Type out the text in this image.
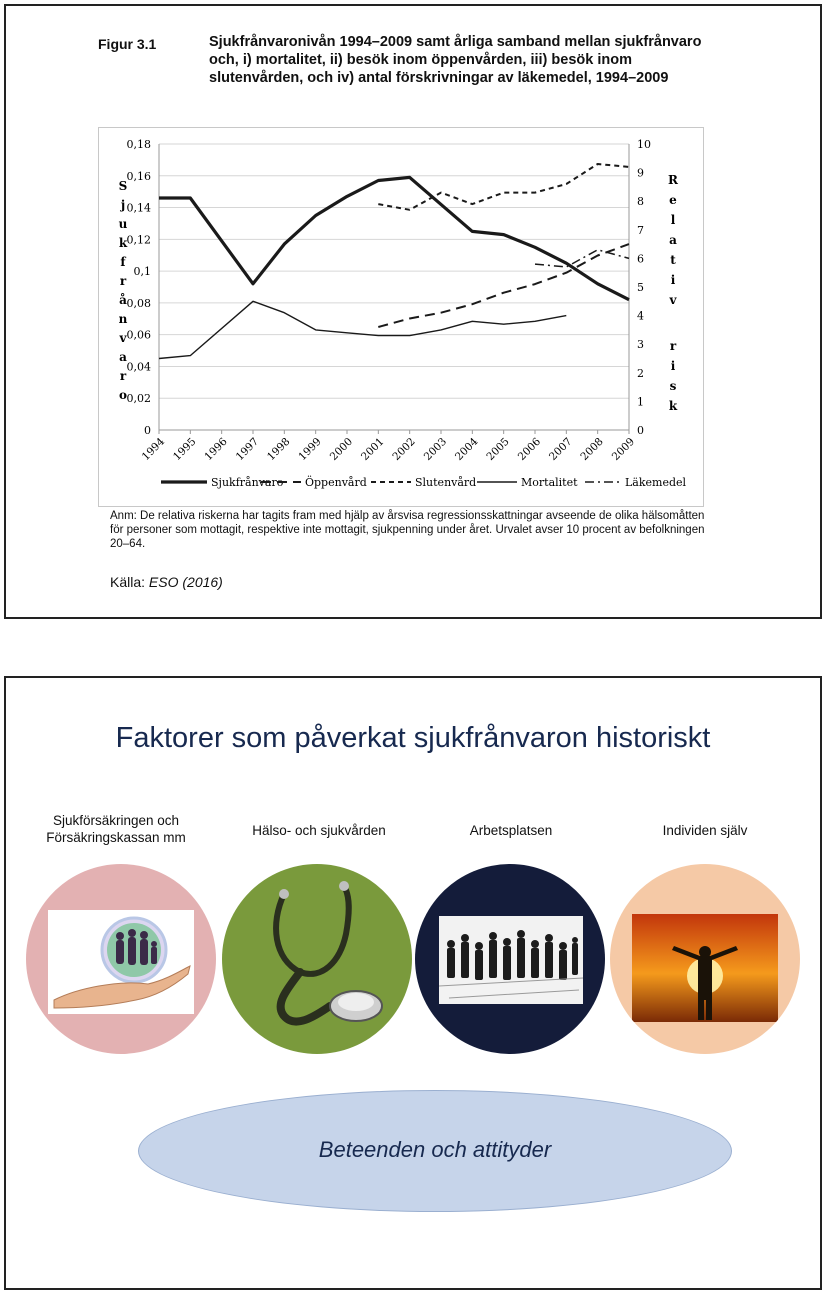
Figur 3.1	Sjukfrånvaronivån 1994–2009 samt årliga samband mellan sjukfrånvaro och, i) mortalitet, ii) besök inom öppenvården, iii) besök inom slutenvården, och iv) antal förskrivningar av läkemedel, 1994–2009
0
0,02
0,04
0,06
0,08
0,1
0,12
0,14
0,16
0,18
0
1
2
3
4
5
6
7
8
9
10
1994 1995 1996 1997 1998 1999 2000 2001 2002 2003 2004 2005 2006 2007 2008 2009
S j u k f r å n v a r o
R e l a t i v r i s k
Sjukfrånvaro Öppenvård	Slutenvård	Mortalitet	Läkemedel
Anm: De relativa riskerna har tagits fram med hjälp av årsvisa regressionsskattningar avseende de olika hälsomåtten för personer som mottagit, respektive inte mottagit, sjukpenning under året. Urvalet avser 10 procent av befolkningen 20–64.
Källa: ESO (2016)
Faktorer som påverkat sjukfrånvaron historiskt
Sjukförsäkringen och Försäkringskassan mm	Hälso- och sjukvården	Arbetsplatsen	Individen själv
Beteenden och attityder
